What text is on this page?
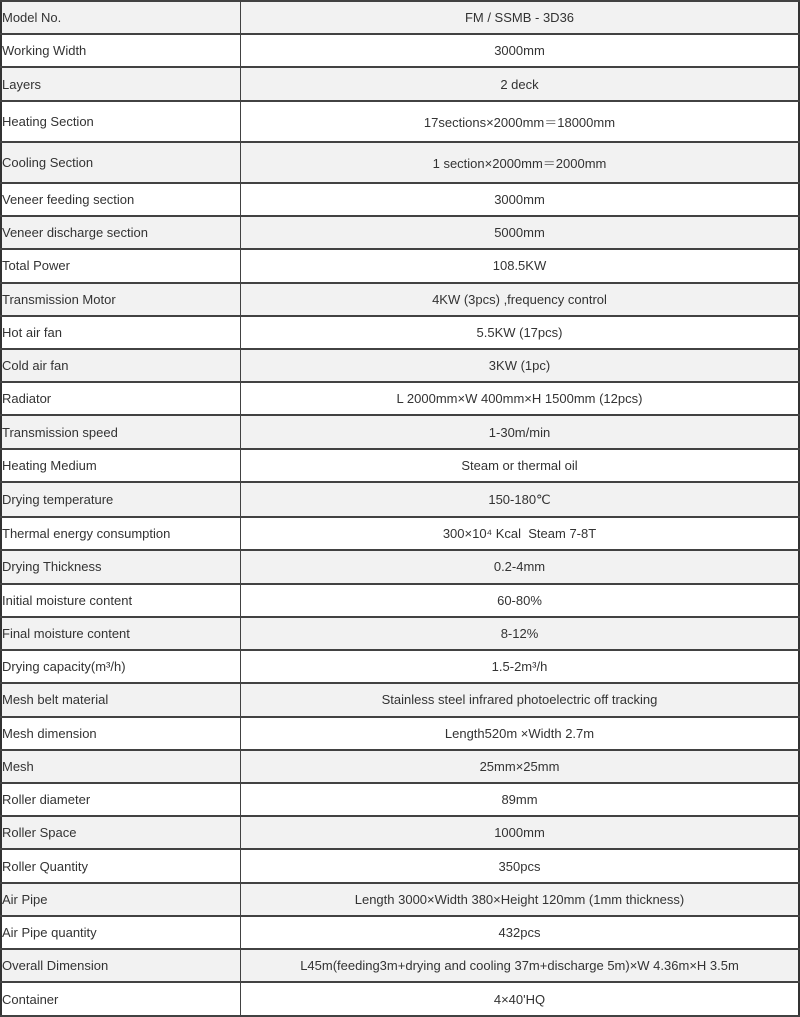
Model No.	FM / SSMB - 3D36
Working Width	3000mm
Layers	2 deck
Heating Section	17sections×2000mm＝18000mm
Cooling Section	1 section×2000mm＝2000mm
Veneer feeding section	3000mm
Veneer discharge section	5000mm
Total Power	108.5KW
Transmission Motor	4KW (3pcs) ,frequency control
Hot air fan	5.5KW (17pcs)
Cold air fan	3KW (1pc)
Radiator	L 2000mm×W 400mm×H 1500mm (12pcs)
Transmission speed	1-30m/min
Heating Medium	Steam or thermal oil
Drying temperature	150-180℃
Thermal energy consumption	300×10⁴ Kcal  Steam 7-8T
Drying Thickness	0.2-4mm
Initial moisture content	60-80%
Final moisture content	8-12%
Drying capacity(m³/h)	1.5-2m³/h
Mesh belt material	Stainless steel infrared photoelectric off tracking
Mesh dimension	Length520m ×Width 2.7m
Mesh	25mm×25mm
Roller diameter	89mm
Roller Space	1000mm
Roller Quantity	350pcs
Air Pipe	Length 3000×Width 380×Height 120mm (1mm thickness)
Air Pipe quantity	432pcs
Overall Dimension	L45m(feeding3m+drying and cooling 37m+discharge 5m)×W 4.36m×H 3.5m
Container	4×40'HQ
